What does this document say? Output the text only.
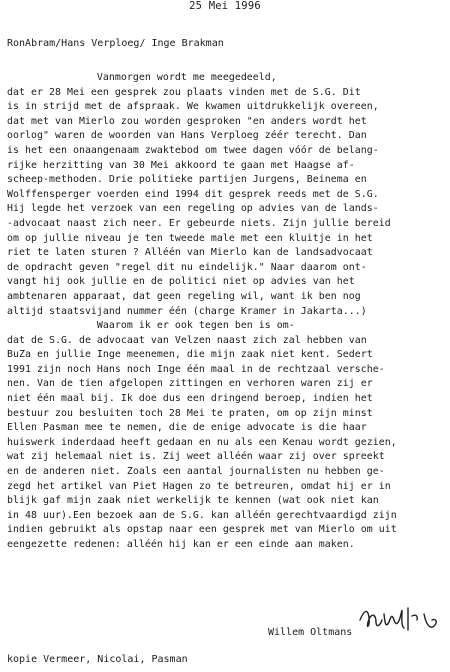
25 Mei 1996
RonAbram/Hans Verploeg/ Inge Brakman
Vanmorgen wordt me meegedeeld,
dat er 28 Mei een gesprek zou plaats vinden met de S.G. Dit
is in strijd met de afspraak. We kwamen uitdrukkelijk overeen,
dat met van Mierlo zou worden gesproken "en anders wordt het
oorlog" waren de woorden van Hans Verploeg zéér terecht. Dan
is het een onaangenaam zwaktebod om twee dagen vóór de belang-
rijke herzitting van 30 Mei akkoord te gaan met Haagse af-
scheep-methoden. Drie politieke partijen Jurgens, Beinema en
Wolffensperger voerden eind 1994 dit gesprek reeds met de S.G.
Hij legde het verzoek van een regeling op advies van de lands-
-advocaat naast zich neer. Er gebeurde niets. Zijn jullie bereid
om op jullie niveau je ten tweede male met een kluitje in het
riet te laten sturen ? Alléén van Mierlo kan de landsadvocaat
de opdracht geven "regel dit nu eindelijk." Naar daarom ont-
vangt hij ook jullie en de politici niet op advies van het
ambtenaren apparaat, dat geen regeling wil, want ik ben nog
altijd staatsvijand nummer één (charge Kramer in Jakarta...)
Waarom ik er ook tegen ben is om-
dat de S.G. de advocaat van Velzen naast zich zal hebben van
BuZa en jullie Inge meenemen, die mijn zaak niet kent. Sedert
1991 zijn noch Hans noch Inge één maal in de rechtzaal versche-
nen. Van de tien afgelopen zittingen en verhoren waren zij er
niet één maal bij. Ik doe dus een dringend beroep, indien het
bestuur zou besluiten toch 28 Mei te praten, om op zijn minst
Ellen Pasman mee te nemen, die de enige advocate is die haar
huiswerk inderdaad heeft gedaan en nu als een Kenau wordt gezien,
wat zij helemaal niet is. Zij weet alléén waar zij over spreekt
en de anderen niet. Zoals een aantal journalisten nu hebben ge-
zegd het artikel van Piet Hagen zo te betreuren, omdat hij er in
blijk gaf mijn zaak niet werkelijk te kennen (wat ook niet kan
in 48 uur).Een bezoek aan de S.G. kan alléén gerechtvaardigd zijn
indien gebruikt als opstap naar een gesprek met van Mierlo om uit
eengezette redenen: alléén hij kan er een einde aan maken.
Willem Oltmans
kopie Vermeer, Nicolai, Pasman
